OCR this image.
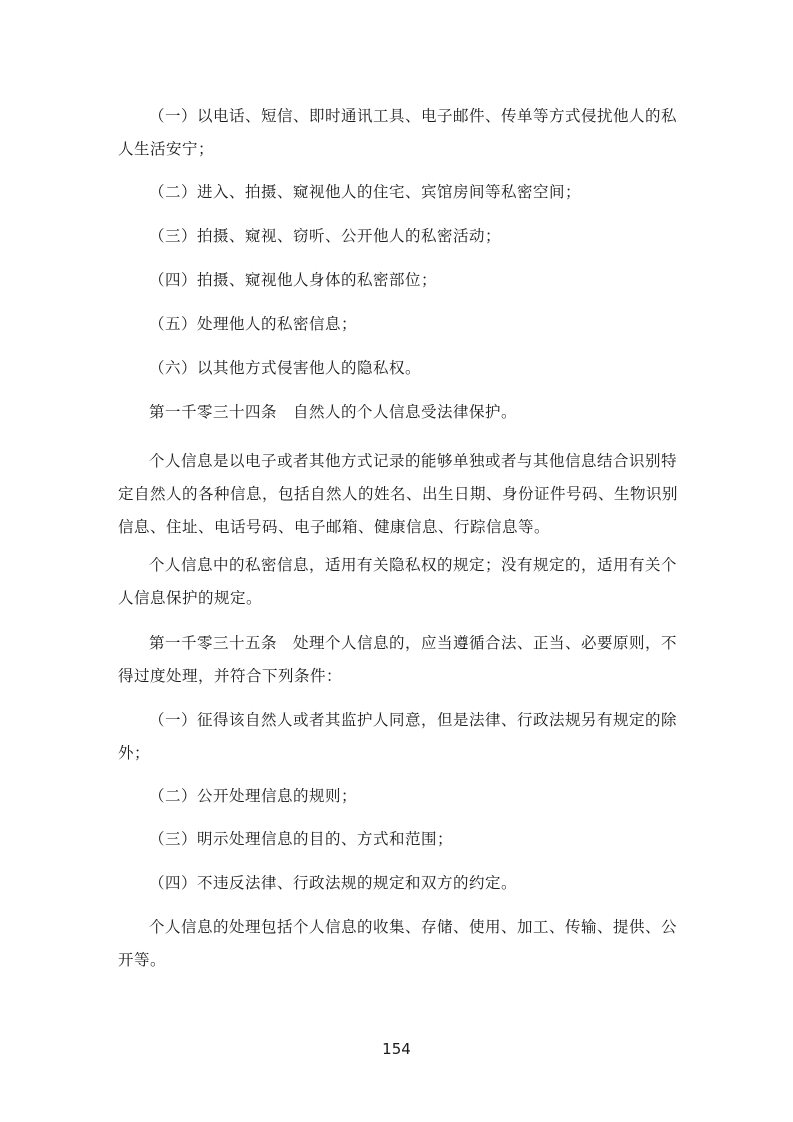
（一）以电话、短信、即时通讯工具、电子邮件、传单等方式侵扰他人的私人生活安宁；

（二）进入、拍摄、窥视他人的住宅、宾馆房间等私密空间；

（三）拍摄、窥视、窃听、公开他人的私密活动；

（四）拍摄、窥视他人身体的私密部位；

（五）处理他人的私密信息；

（六）以其他方式侵害他人的隐私权。

第一千零三十四条　自然人的个人信息受法律保护。

个人信息是以电子或者其他方式记录的能够单独或者与其他信息结合识别特定自然人的各种信息，包括自然人的姓名、出生日期、身份证件号码、生物识别信息、住址、电话号码、电子邮箱、健康信息、行踪信息等。

个人信息中的私密信息，适用有关隐私权的规定；没有规定的，适用有关个人信息保护的规定。

第一千零三十五条　处理个人信息的，应当遵循合法、正当、必要原则，不得过度处理，并符合下列条件：

（一）征得该自然人或者其监护人同意，但是法律、行政法规另有规定的除外；

（二）公开处理信息的规则；

（三）明示处理信息的目的、方式和范围；

（四）不违反法律、行政法规的规定和双方的约定。

个人信息的处理包括个人信息的收集、存储、使用、加工、传输、提供、公开等。

154
